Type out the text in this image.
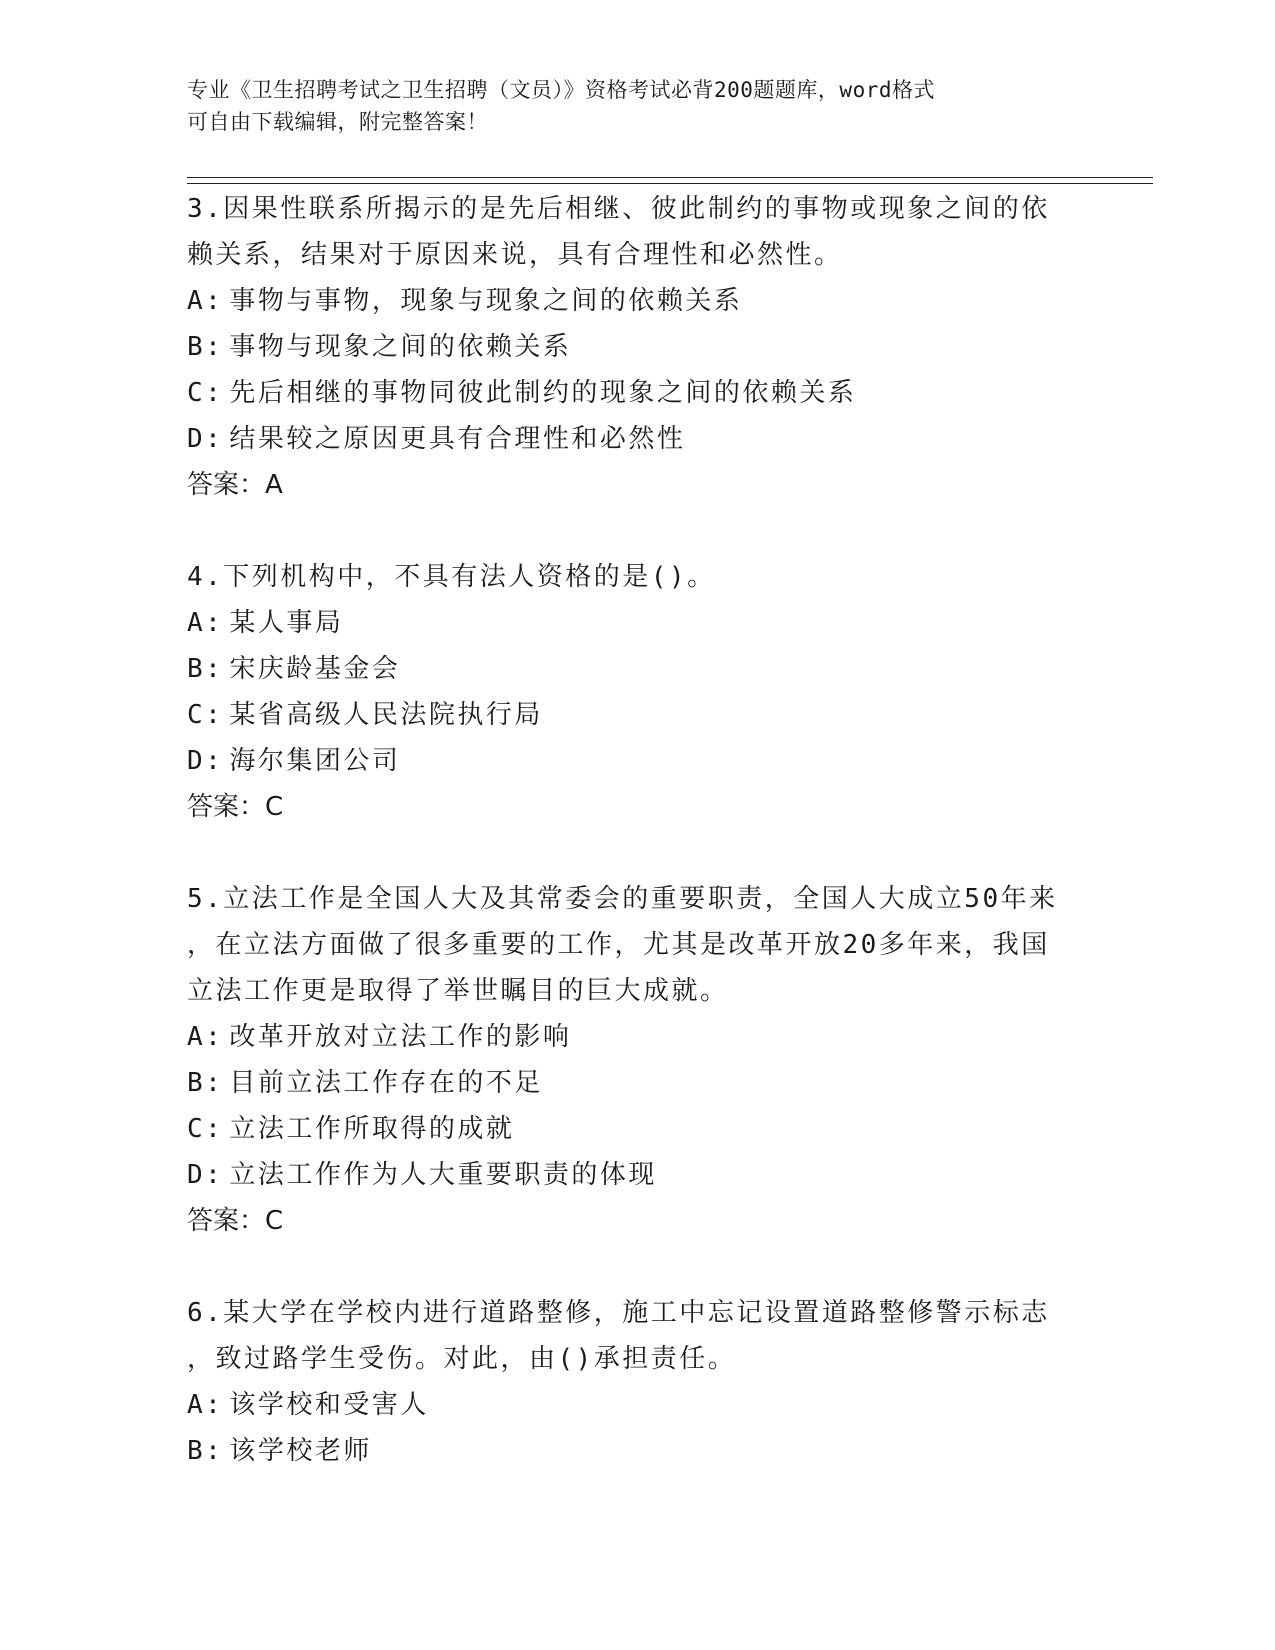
专业《卫生招聘考试之卫生招聘（文员）》资格考试必背200题题库，word格式
可自由下载编辑，附完整答案！
3.因果性联系所揭示的是先后相继、彼此制约的事物或现象之间的依
赖关系，结果对于原因来说，具有合理性和必然性。
A: 事物与事物，现象与现象之间的依赖关系
B: 事物与现象之间的依赖关系
C: 先后相继的事物同彼此制约的现象之间的依赖关系
D: 结果较之原因更具有合理性和必然性
答案：A
4.下列机构中，不具有法人资格的是()。
A: 某人事局
B: 宋庆龄基金会
C: 某省高级人民法院执行局
D: 海尔集团公司
答案：C
5.立法工作是全国人大及其常委会的重要职责，全国人大成立50年来
，在立法方面做了很多重要的工作，尤其是改革开放20多年来，我国
立法工作更是取得了举世瞩目的巨大成就。
A: 改革开放对立法工作的影响
B: 目前立法工作存在的不足
C: 立法工作所取得的成就
D: 立法工作作为人大重要职责的体现
答案：C
6.某大学在学校内进行道路整修，施工中忘记设置道路整修警示标志
，致过路学生受伤。对此，由()承担责任。
A: 该学校和受害人
B: 该学校老师
